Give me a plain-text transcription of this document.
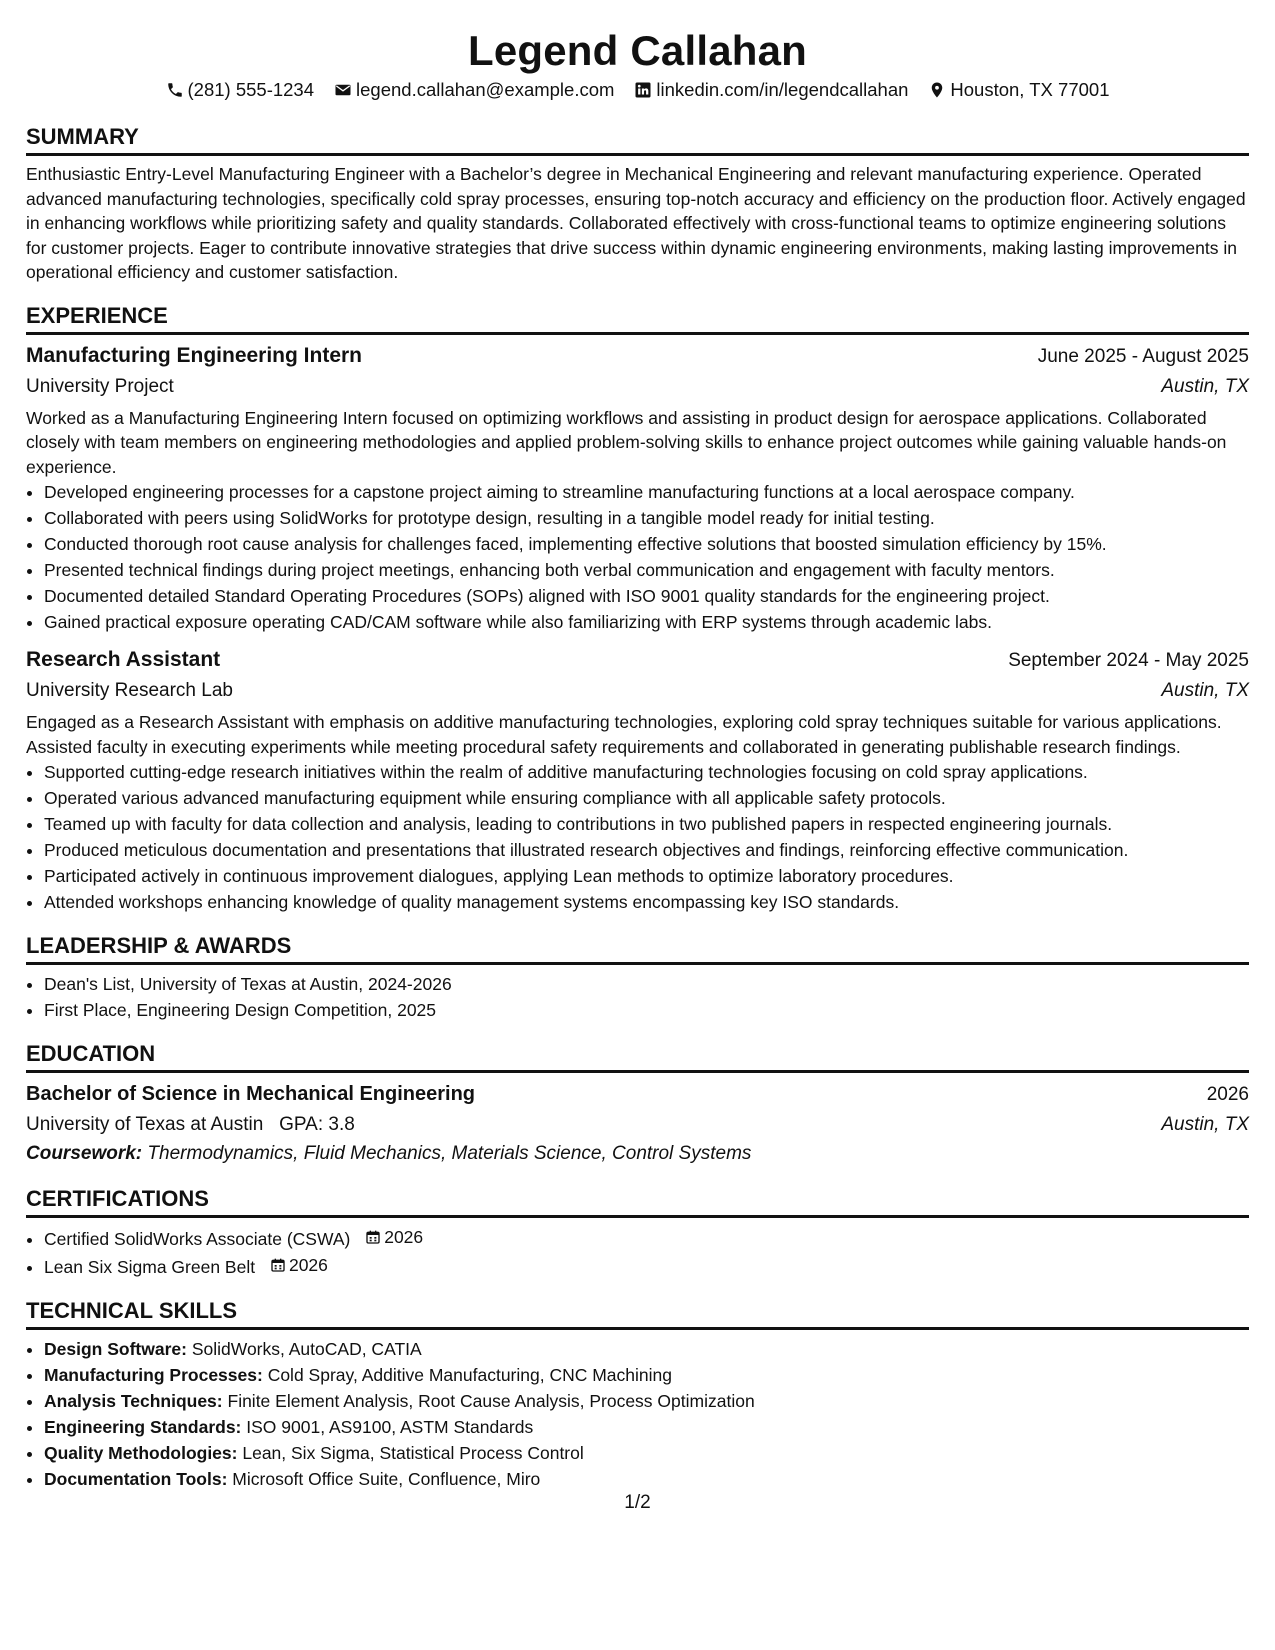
Legend Callahan
(281) 555-1234 legend.callahan@example.com linkedin.com/in/legendcallahan Houston, TX 77001
SUMMARY

Enthusiastic Entry-Level Manufacturing Engineer with a Bachelor’s degree in Mechanical Engineering and relevant manufacturing experience. Operated advanced manufacturing technologies, specifically cold spray processes, ensuring top-notch accuracy and efficiency on the production floor. Actively engaged in enhancing workflows while prioritizing safety and quality standards. Collaborated effectively with cross-functional teams to optimize engineering solutions for customer projects. Eager to contribute innovative strategies that drive success within dynamic engineering environments, making lasting improvements in operational efficiency and customer satisfaction.

EXPERIENCE
Manufacturing Engineering Intern	June 2025 - August 2025
University Project	Austin, TX

Worked as a Manufacturing Engineering Intern focused on optimizing workflows and assisting in product design for aerospace applications. Collaborated closely with team members on engineering methodologies and applied problem-solving skills to enhance project outcomes while gaining valuable hands-on experience.

• Developed engineering processes for a capstone project aiming to streamline manufacturing functions at a local aerospace company.
• Collaborated with peers using SolidWorks for prototype design, resulting in a tangible model ready for initial testing.
• Conducted thorough root cause analysis for challenges faced, implementing effective solutions that boosted simulation efficiency by 15%.
• Presented technical findings during project meetings, enhancing both verbal communication and engagement with faculty mentors.
• Documented detailed Standard Operating Procedures (SOPs) aligned with ISO 9001 quality standards for the engineering project.
• Gained practical exposure operating CAD/CAM software while also familiarizing with ERP systems through academic labs.
Research Assistant	September 2024 - May 2025
University Research Lab	Austin, TX

Engaged as a Research Assistant with emphasis on additive manufacturing technologies, exploring cold spray techniques suitable for various applications. Assisted faculty in executing experiments while meeting procedural safety requirements and collaborated in generating publishable research findings.

• Supported cutting-edge research initiatives within the realm of additive manufacturing technologies focusing on cold spray applications.
• Operated various advanced manufacturing equipment while ensuring compliance with all applicable safety protocols.
• Teamed up with faculty for data collection and analysis, leading to contributions in two published papers in respected engineering journals.
• Produced meticulous documentation and presentations that illustrated research objectives and findings, reinforcing effective communication.
• Participated actively in continuous improvement dialogues, applying Lean methods to optimize laboratory procedures.
• Attended workshops enhancing knowledge of quality management systems encompassing key ISO standards.
LEADERSHIP & AWARDS
• Dean's List, University of Texas at Austin, 2024-2026
• First Place, Engineering Design Competition, 2025
EDUCATION
Bachelor of Science in Mechanical Engineering	2026
University of Texas at Austin GPA: 3.8	Austin, TX
Coursework: Thermodynamics, Fluid Mechanics, Materials Science, Control Systems
CERTIFICATIONS
• Certified SolidWorks Associate (CSWA) 2026
• Lean Six Sigma Green Belt 2026
TECHNICAL SKILLS
• Design Software: SolidWorks, AutoCAD, CATIA
• Manufacturing Processes: Cold Spray, Additive Manufacturing, CNC Machining
• Analysis Techniques: Finite Element Analysis, Root Cause Analysis, Process Optimization
• Engineering Standards: ISO 9001, AS9100, ASTM Standards
• Quality Methodologies: Lean, Six Sigma, Statistical Process Control
• Documentation Tools: Microsoft Office Suite, Confluence, Miro
1/2
